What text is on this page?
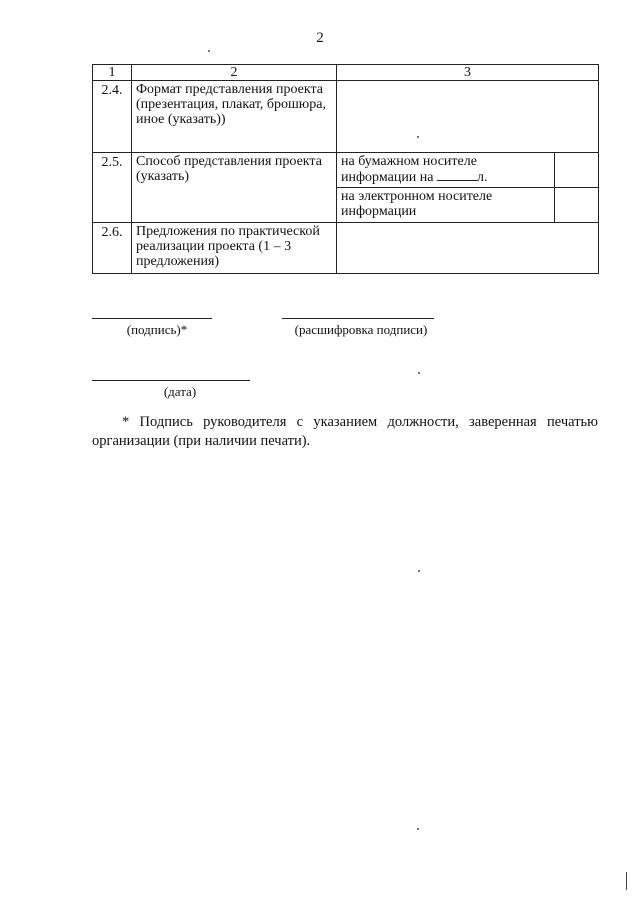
2
1	2	3	
2.4.	Формат представления проекта (презентация, плакат, брошюра, иное (указать))		
2.5.	Способ представления проекта (указать)	на бумажном носителе информации на л.	
		на электронном носителе информации	
2.6.	Предложения по практической реализации проекта (1 – 3 предложения)		
(подпись)*	(расшифровка подписи)
(дата)
* Подпись руководителя с указанием должности, заверенная печатью организации (при наличии печати).
